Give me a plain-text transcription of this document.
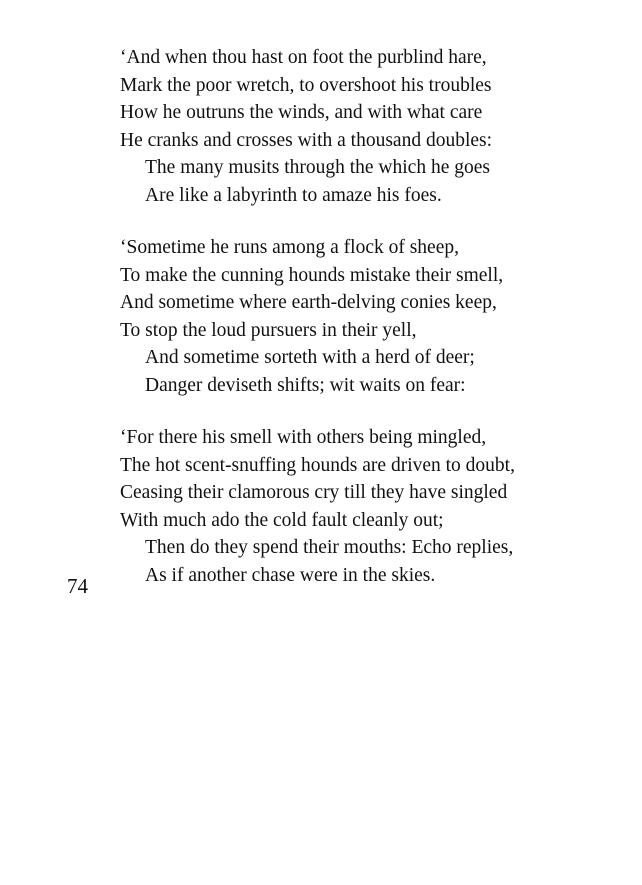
‘And when thou hast on foot the purblind hare,
Mark the poor wretch, to overshoot his troubles
How he outruns the winds, and with what care
He cranks and crosses with a thousand doubles:
The many musits through the which he goes
Are like a labyrinth to amaze his foes.
‘Sometime he runs among a flock of sheep,
To make the cunning hounds mistake their smell,
And sometime where earth-delving conies keep,
To stop the loud pursuers in their yell,
And sometime sorteth with a herd of deer;
Danger deviseth shifts; wit waits on fear:
‘For there his smell with others being mingled,
The hot scent-snuffing hounds are driven to doubt,
Ceasing their clamorous cry till they have singled
With much ado the cold fault cleanly out;
Then do they spend their mouths: Echo replies,
As if another chase were in the skies.
74
